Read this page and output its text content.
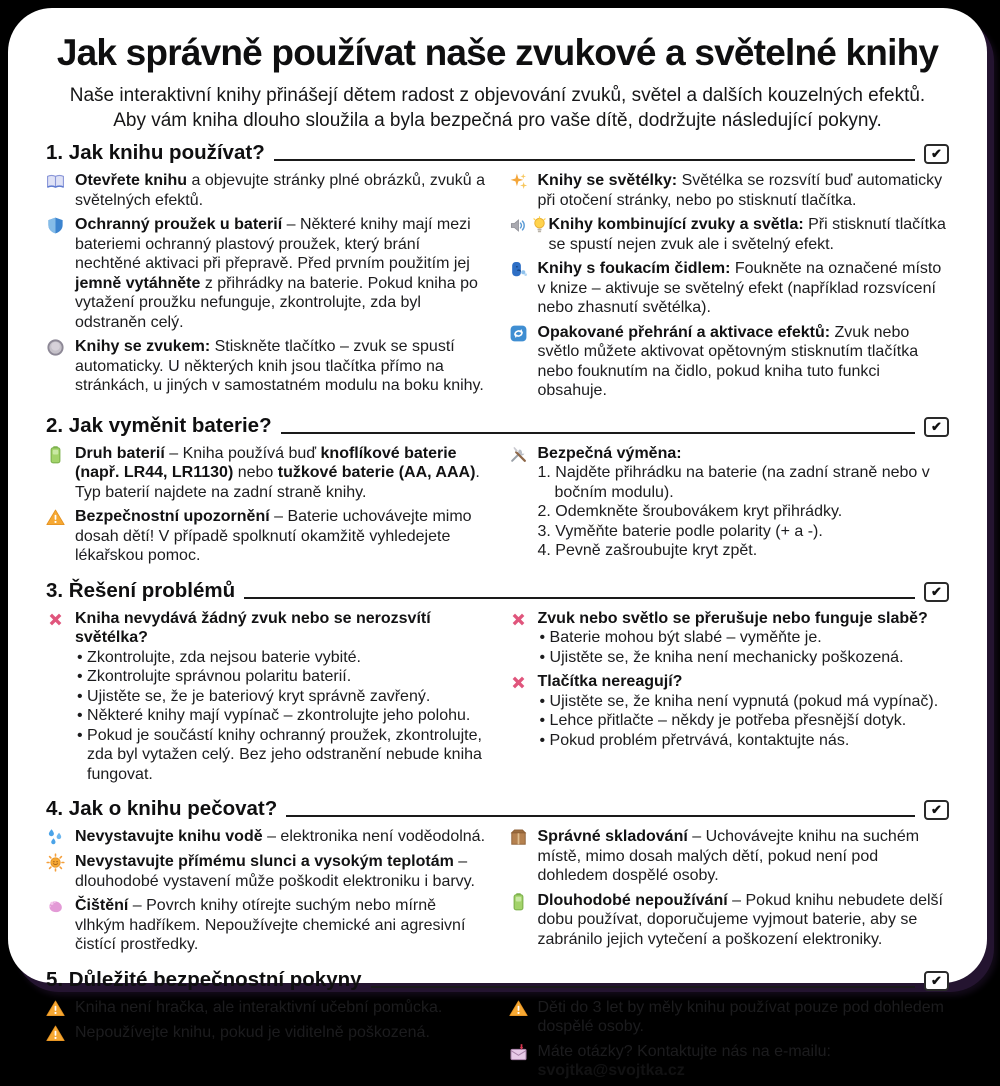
Jak správně používat naše zvukové a světelné knihy

Naše interaktivní knihy přinášejí dětem radost z objevování zvuků, světel a dalších kouzelných efektů.
Aby vám kniha dlouho sloužila a byla bezpečná pro vaše dítě, dodržujte následující pokyny.

1. Jak knihu používat?	✔

Otevřete knihu a objevujte stránky plné obrázků, zvuků a světelných efektů.

Ochranný proužek u baterií – Některé knihy mají mezi bateriemi ochranný plastový proužek, který brání nechtěné aktivaci při přepravě. Před prvním použitím jej jemně vytáhněte z přihrádky na baterie. Pokud kniha po vytažení proužku nefunguje, zkontrolujte, zda byl odstraněn celý.

Knihy se zvukem: Stiskněte tlačítko – zvuk se spustí automaticky. U některých knih jsou tlačítka přímo na stránkách, u jiných v samostatném modulu na boku knihy.

Knihy se světélky: Světélka se rozsvítí buď automaticky při otočení stránky, nebo po stisknutí tlačítka.

Knihy kombinující zvuky a světla: Při stisknutí tlačítka se spustí nejen zvuk ale i světelný efekt.

Knihy s foukacím čidlem: Foukněte na označené místo v knize – aktivuje se světelný efekt (například rozsvícení nebo zhasnutí světélka).

Opakované přehrání a aktivace efektů: Zvuk nebo světlo můžete aktivovat opětovným stisknutím tlačítka nebo fouknutím na čidlo, pokud kniha tuto funkci obsahuje.

2. Jak vyměnit baterie?	✔

Druh baterií – Kniha používá buď knoflíkové baterie (např. LR44, LR1130) nebo tužkové baterie (AA, AAA). Typ baterií najdete na zadní straně knihy.

Bezpečnostní upozornění – Baterie uchovávejte mimo dosah dětí! V případě spolknutí okamžitě vyhledejete lékařskou pomoc.

Bezpečná výměna:

1. Najděte přihrádku na baterie (na zadní straně nebo v bočním modulu).
2. Odemkněte šroubovákem kryt přihrádky.
3. Vyměňte baterie podle polarity (+ a -).
4. Pevně zašroubujte kryt zpět.
3. Řešení problémů	✔

Kniha nevydává žádný zvuk nebo se nerozsvítí světélka?

• Zkontrolujte, zda nejsou baterie vybité.
• Zkontrolujte správnou polaritu baterií.
• Ujistěte se, že je bateriový kryt správně zavřený.
• Některé knihy mají vypínač – zkontrolujte jeho polohu.
• Pokud je součástí knihy ochranný proužek, zkontrolujte, zda byl vytažen celý. Bez jeho odstranění nebude kniha fungovat.

Zvuk nebo světlo se přerušuje nebo funguje slabě?

• Baterie mohou být slabé – vyměňte je.
• Ujistěte se, že kniha není mechanicky poškozená.

Tlačítka nereagují?

• Ujistěte se, že kniha není vypnutá (pokud má vypínač).
• Lehce přitlačte – někdy je potřeba přesnější dotyk.
• Pokud problém přetrvává, kontaktujte nás.
4. Jak o knihu pečovat?	✔

Nevystavujte knihu vodě – elektronika není voděodolná.

Nevystavujte přímému slunci a vysokým teplotám – dlouhodobé vystavení může poškodit elektroniku i barvy.

Čištění – Povrch knihy otírejte suchým nebo mírně vlhkým hadříkem. Nepoužívejte chemické ani agresivní čistící prostředky.

Správné skladování – Uchovávejte knihu na suchém místě, mimo dosah malých dětí, pokud není pod dohledem dospělé osoby.

Dlouhodobé nepoužívání – Pokud knihu nebudete delší dobu používat, doporučujeme vyjmout baterie, aby se zabránilo jejich vytečení a poškození elektroniky.

5. Důležité bezpečnostní pokyny	✔

Kniha není hračka, ale interaktivní učební pomůcka.

Nepoužívejte knihu, pokud je viditelně poškozená.

Děti do 3 let by měly knihu používat pouze pod dohledem dospělé osoby.

Máte otázky? Kontaktujte nás na e-mailu: svojtka@svojtka.cz
